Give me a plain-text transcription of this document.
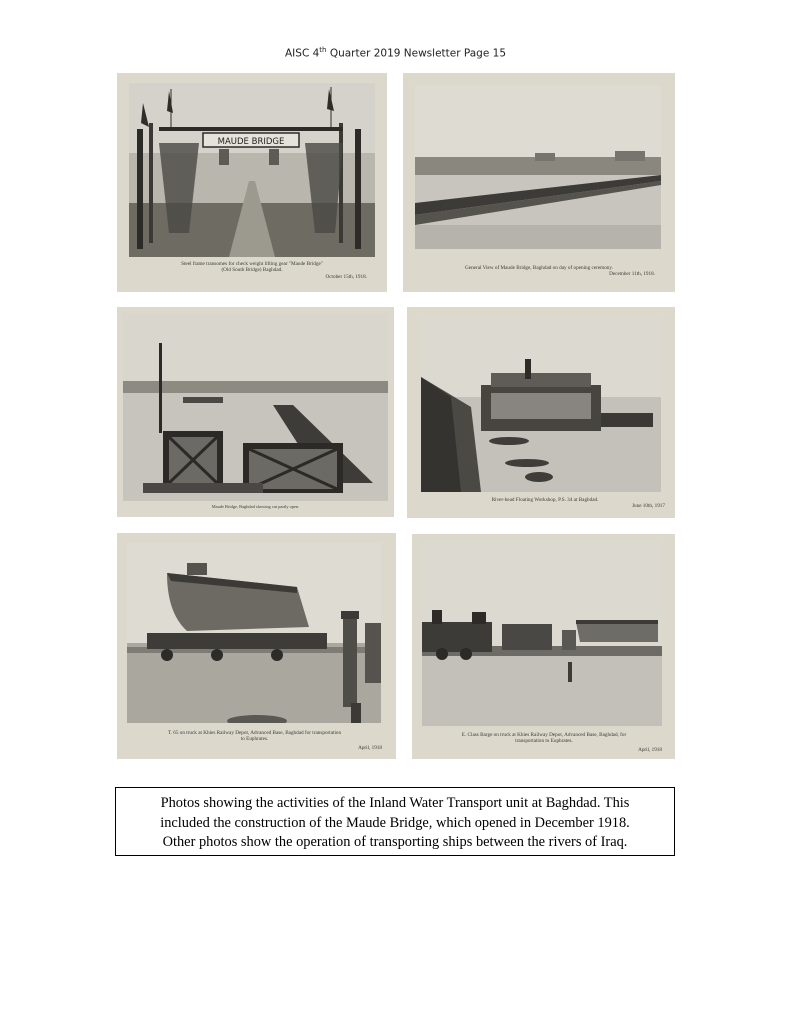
AISC 4th Quarter 2019 Newsletter Page 15
MAUDE BRIDGE
Steel frame transomes for check weight lifting gear "Maude Bridge"
(Old South Bridge) Baghdad.
October 15th, 1918.
General View of Maude Bridge, Baghdad on day of opening ceremony.
December 11th, 1918.
Maude Bridge, Baghdad showing cut partly open.
River-head Floating Workshop, P.S. 34 at Baghdad.
June 10th, 1917
T. 65 on truck at Khies Railway Depot, Advanced Base, Baghdad for transportation
to Euphrates.
April, 1918
E. Class Barge on truck at Khies Railway Depot, Advanced Base, Baghdad, for
transportation to Euphrates.
April, 1918
Photos showing the activities of the Inland Water Transport unit at Baghdad. This
included the construction of the Maude Bridge, which opened in December 1918.
Other photos show the operation of transporting ships between the rivers of Iraq.
